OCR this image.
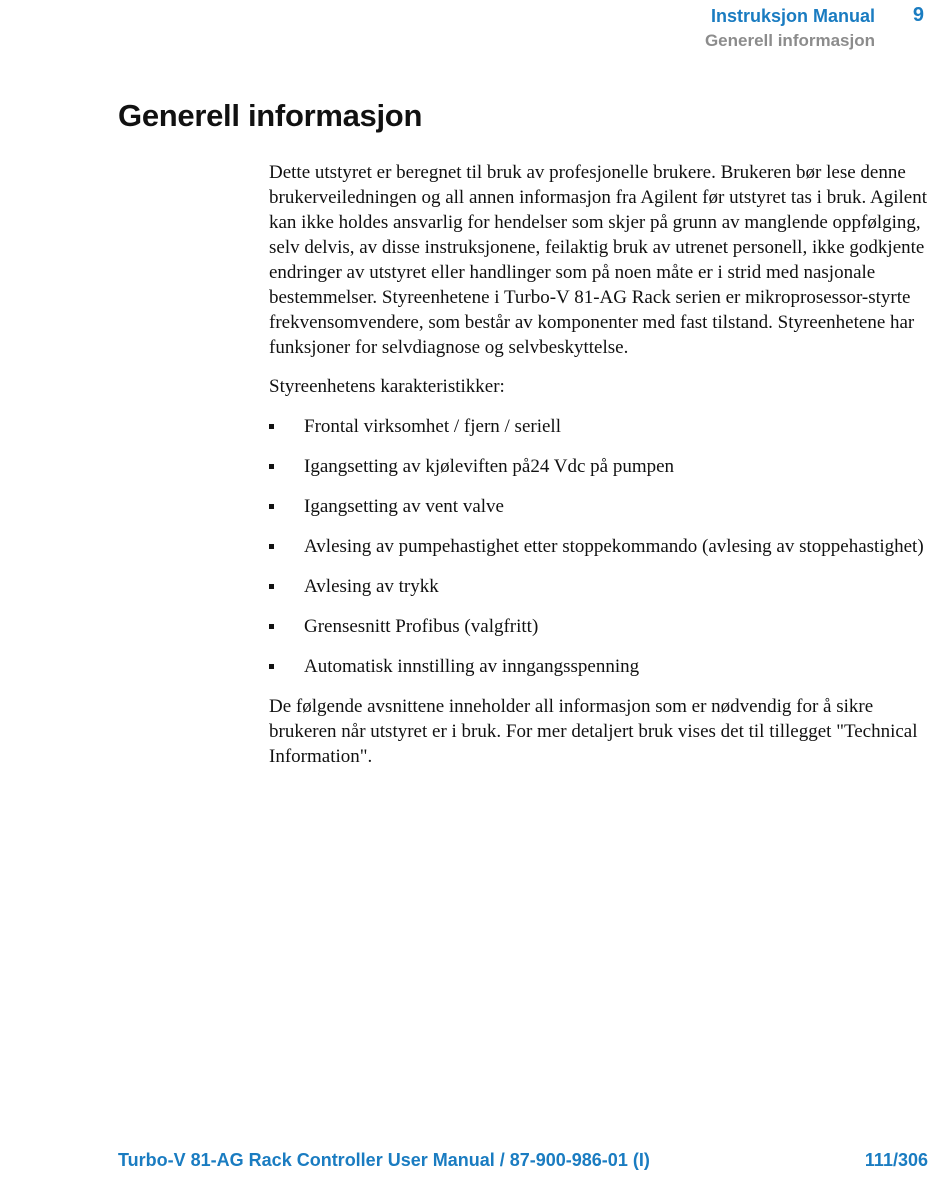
Instruksjon Manual 9
Generell informasjon
Generell informasjon

Dette utstyret er beregnet til bruk av profesjonelle brukere. Brukeren bør lese denne brukerveiledningen og all annen informasjon fra Agilent før utstyret tas i bruk. Agilent kan ikke holdes ansvarlig for hendelser som skjer på grunn av manglende oppfølging, selv delvis, av disse instruksjonene, feilaktig bruk av utrenet personell, ikke godkjente endringer av utstyret eller handlinger som på noen måte er i strid med nasjonale bestemmelser. Styreenhetene i Turbo-V 81-AG Rack serien er mikroprosessor-styrte frekvensomvendere, som består av komponenter med fast tilstand. Styreenhetene har funksjoner for selvdiagnose og selvbeskyttelse.

Styreenhetens karakteristikker:

Frontal virksomhet / fjern / seriell
Igangsetting av kjøleviften på24 Vdc på pumpen
Igangsetting av vent valve
Avlesing av pumpehastighet etter stoppekommando (avlesing av stoppehastighet)
Avlesing av trykk
Grensesnitt Profibus (valgfritt)
Automatisk innstilling av inngangsspenning

De følgende avsnittene inneholder all informasjon som er nødvendig for å sikre brukeren når utstyret er i bruk. For mer detaljert bruk vises det til tillegget "Technical Information".

Turbo-V 81-AG Rack Controller User Manual / 87-900-986-01 (I)	111/306
